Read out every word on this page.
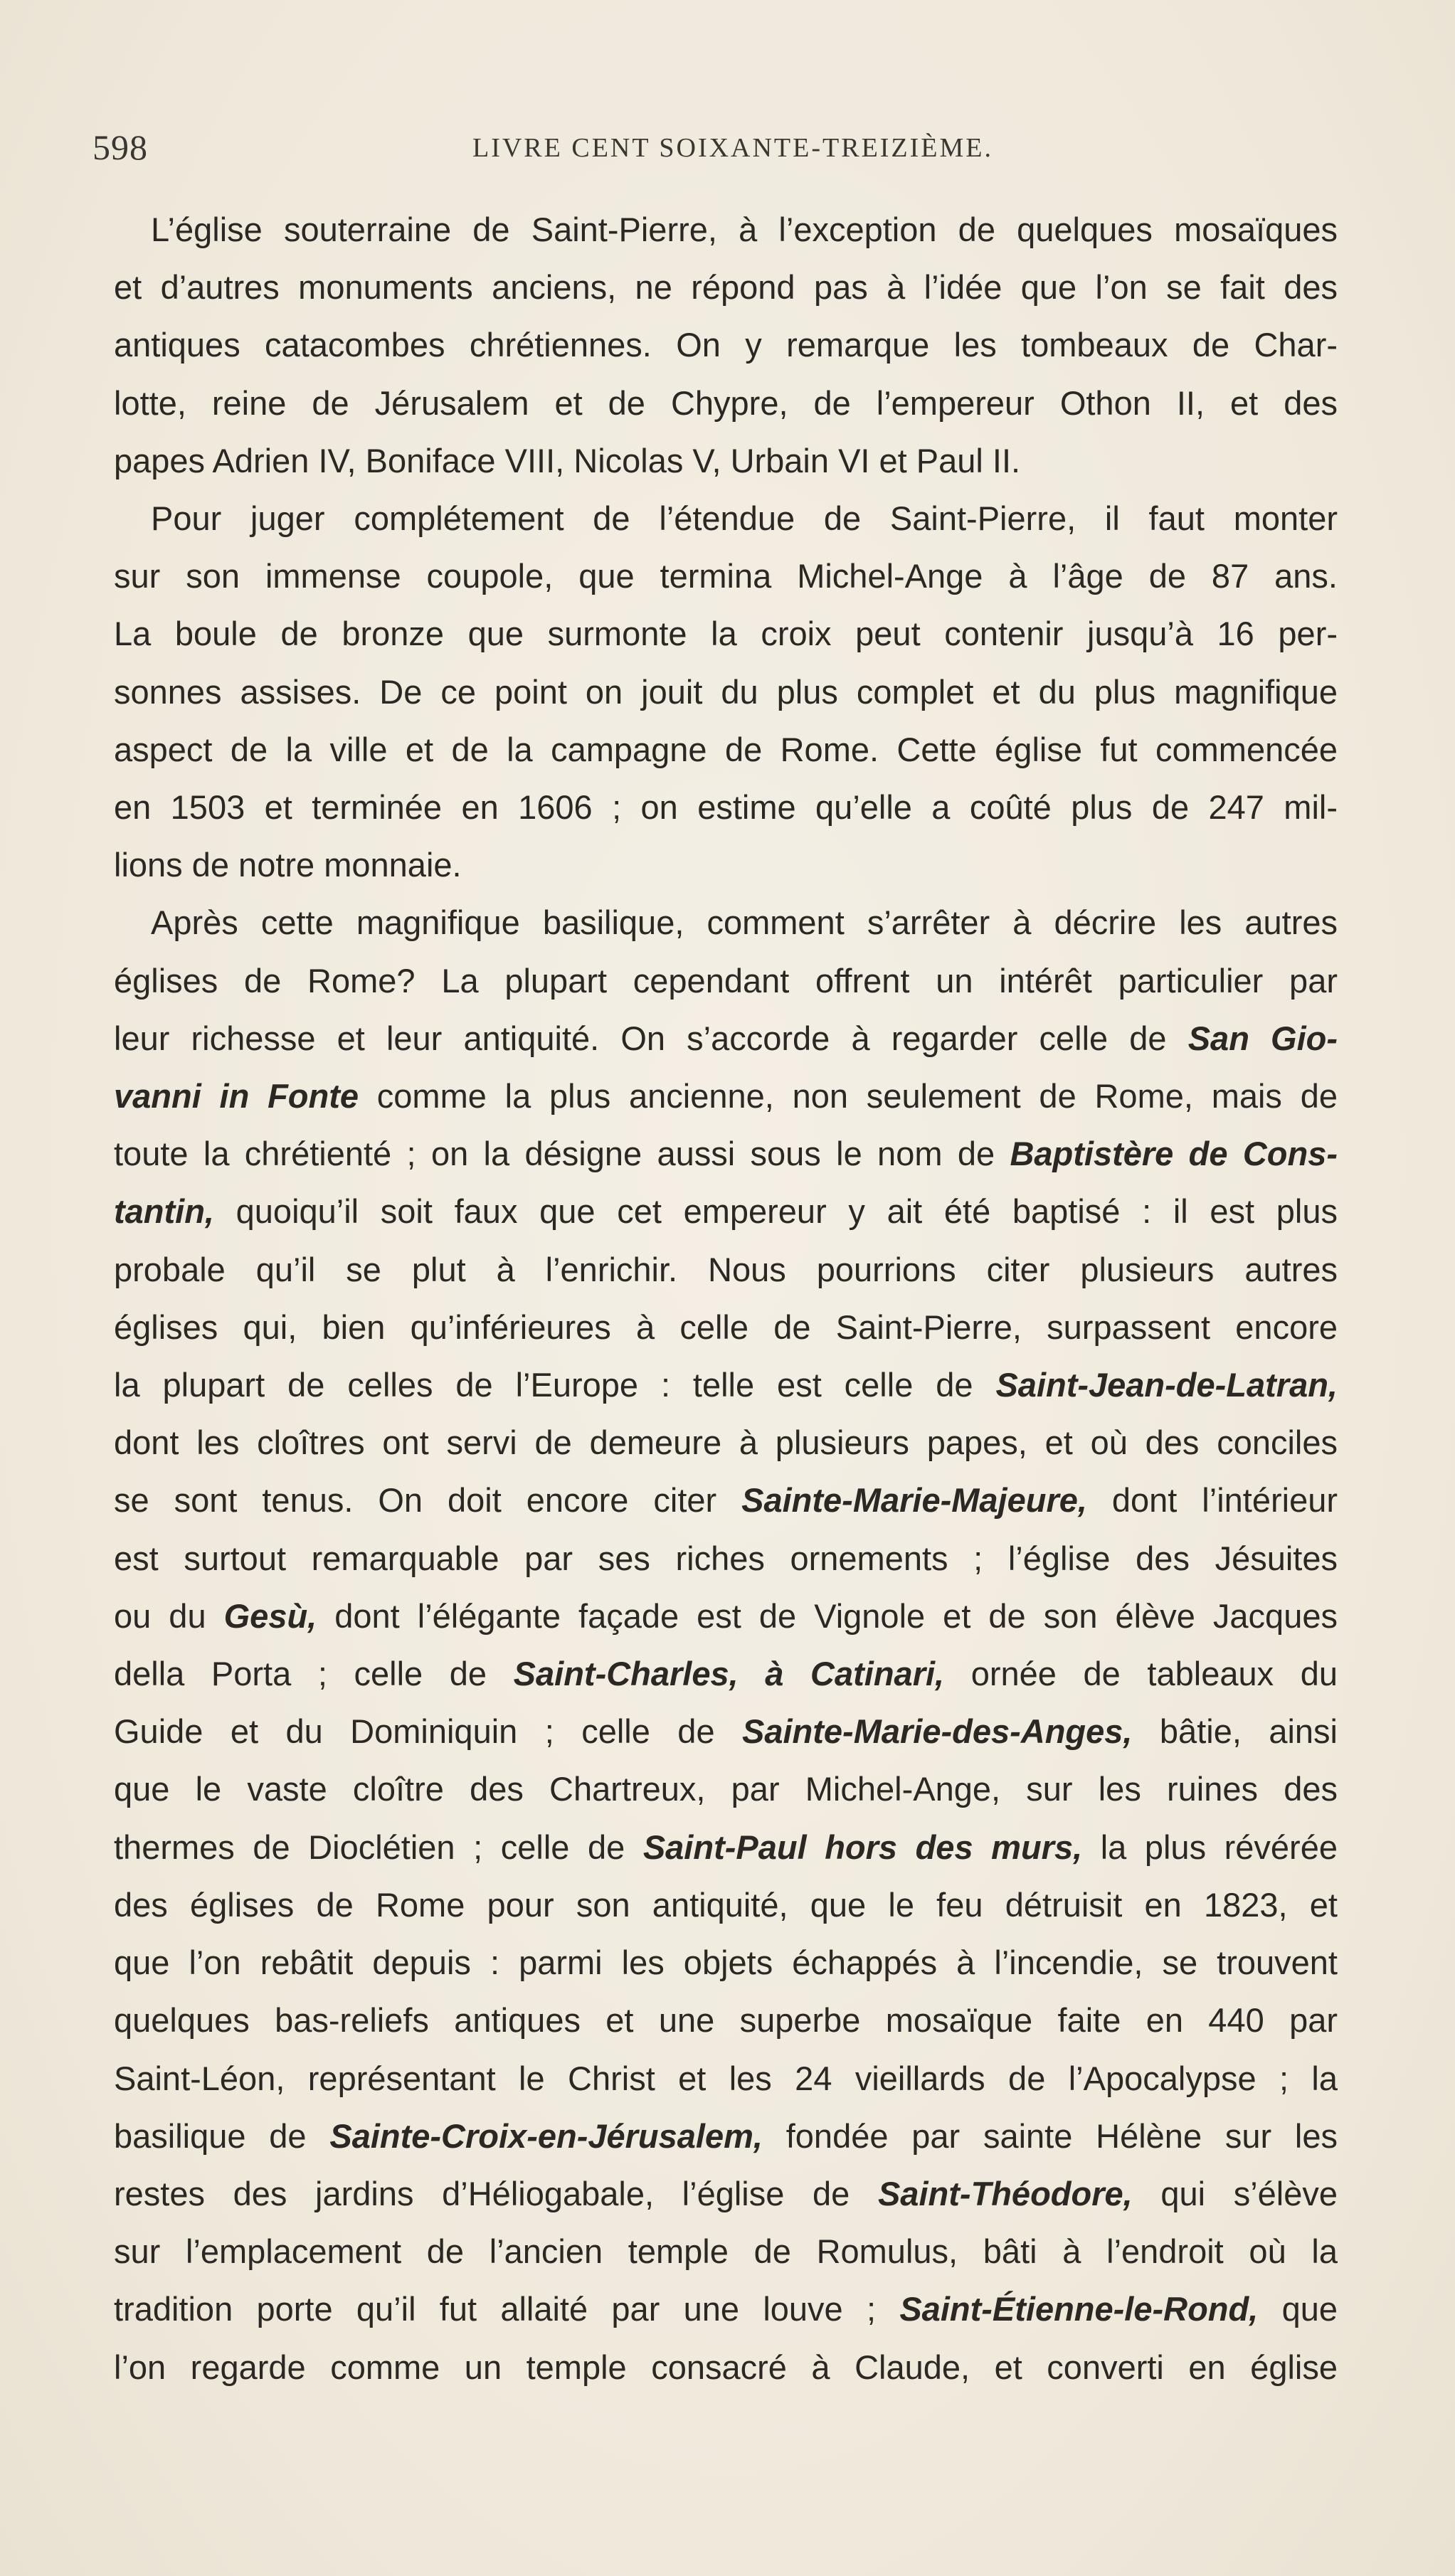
598	LIVRE CENT SOIXANTE-TREIZIÈME.
L’église souterraine de Saint-Pierre, à l’exception de quelques mosaïques
et d’autres monuments anciens, ne répond pas à l’idée que l’on se fait des
antiques catacombes chrétiennes. On y remarque les tombeaux de Char-
lotte, reine de Jérusalem et de Chypre, de l’empereur Othon II, et des
papes Adrien IV, Boniface VIII, Nicolas V, Urbain VI et Paul II.
Pour juger complétement de l’étendue de Saint-Pierre, il faut monter
sur son immense coupole, que termina Michel-Ange à l’âge de 87 ans.
La boule de bronze que surmonte la croix peut contenir jusqu’à 16 per-
sonnes assises. De ce point on jouit du plus complet et du plus magnifique
aspect de la ville et de la campagne de Rome. Cette église fut commencée
en 1503 et terminée en 1606 ; on estime qu’elle a coûté plus de 247 mil-
lions de notre monnaie.
Après cette magnifique basilique, comment s’arrêter à décrire les autres
églises de Rome? La plupart cependant offrent un intérêt particulier par
leur richesse et leur antiquité. On s’accorde à regarder celle de San Gio-
vanni in Fonte comme la plus ancienne, non seulement de Rome, mais de
toute la chrétienté ; on la désigne aussi sous le nom de Baptistère de Cons-
tantin, quoiqu’il soit faux que cet empereur y ait été baptisé : il est plus
probale qu’il se plut à l’enrichir. Nous pourrions citer plusieurs autres
églises qui, bien qu’inférieures à celle de Saint-Pierre, surpassent encore
la plupart de celles de l’Europe : telle est celle de Saint-Jean-de-Latran,
dont les cloîtres ont servi de demeure à plusieurs papes, et où des conciles
se sont tenus. On doit encore citer Sainte-Marie-Majeure, dont l’intérieur
est surtout remarquable par ses riches ornements ; l’église des Jésuites
ou du Gesù, dont l’élégante façade est de Vignole et de son élève Jacques
della Porta ; celle de Saint-Charles, à Catinari, ornée de tableaux du
Guide et du Dominiquin ; celle de Sainte-Marie-des-Anges, bâtie, ainsi
que le vaste cloître des Chartreux, par Michel-Ange, sur les ruines des
thermes de Dioclétien ; celle de Saint-Paul hors des murs, la plus révérée
des églises de Rome pour son antiquité, que le feu détruisit en 1823, et
que l’on rebâtit depuis : parmi les objets échappés à l’incendie, se trouvent
quelques bas-reliefs antiques et une superbe mosaïque faite en 440 par
Saint-Léon, représentant le Christ et les 24 vieillards de l’Apocalypse ; la
basilique de Sainte-Croix-en-Jérusalem, fondée par sainte Hélène sur les
restes des jardins d’Héliogabale, l’église de Saint-Théodore, qui s’élève
sur l’emplacement de l’ancien temple de Romulus, bâti à l’endroit où la
tradition porte qu’il fut allaité par une louve ; Saint-Étienne-le-Rond, que
l’on regarde comme un temple consacré à Claude, et converti en église
